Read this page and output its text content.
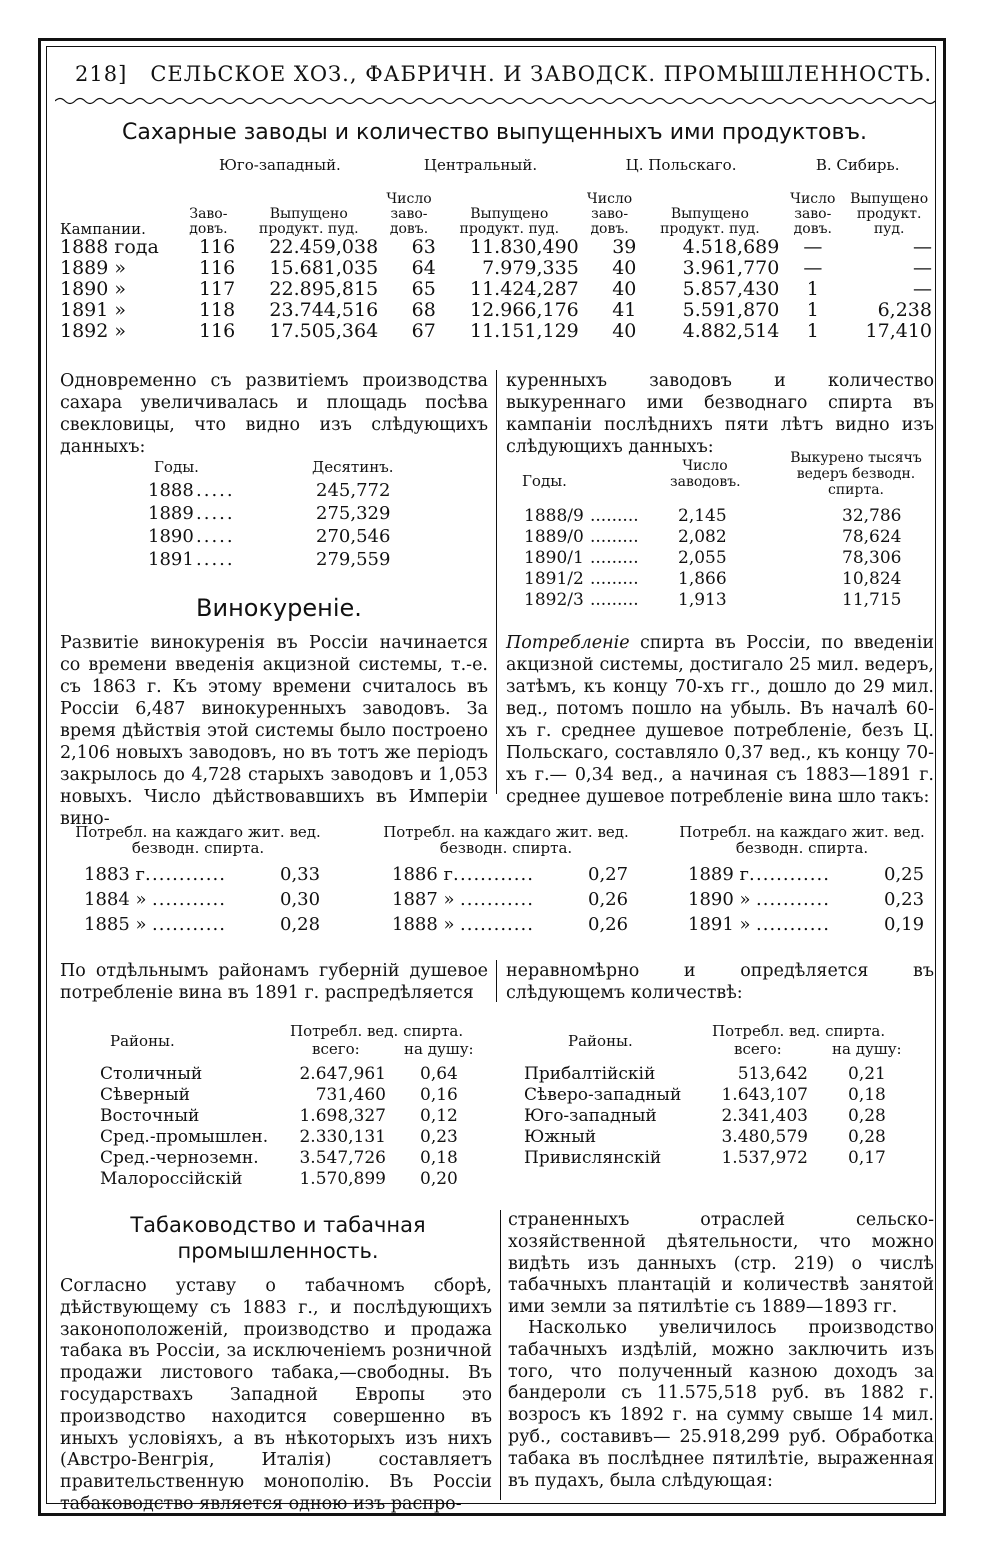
218] СЕЛЬСКОЕ ХОЗ., ФАБРИЧН. И ЗАВОДСК. ПРОМЫШЛЕННОСТЬ.
Сахарные заводы и количество выпущенныхъ ими продуктовъ.
	Юго-западный.		Центральный.		Ц. Польскаго.		В. Сибирь.	
Кампании.	Заво-
довъ.	Выпущено
продукт. пуд.	Число
заво-
довъ.	Выпущено
продукт. пуд.	Число
заво-
довъ.	Выпущено
продукт. пуд.	Число
заво-
довъ.	Выпущено
продукт.
пуд.
1888 года	116	22.459,038	63	11.830,490	39	4.518,689	—	—
1889 »	116	15.681,035	64	7.979,335	40	3.961,770	—	—
1890 »	117	22.895,815	65	11.424,287	40	5.857,430	1	—
1891 »	118	23.744,516	68	12.966,176	41	5.591,870	1	6,238
1892 »	116	17.505,364	67	11.151,129	40	4.882,514	1	17,410
Одновременно съ развитіемъ производства сахара увеличивалась и площадь посѣва свекловицы, что видно изъ слѣдующихъ данныхъ:
куренныхъ заводовъ и количество выкуреннаго ими безводнаго спирта въ кампаніи послѣднихъ пяти лѣтъ видно изъ слѣдующихъ данныхъ:
Годы.	Десятинъ.
1888 .....	245,772
1889 .....	275,329
1890 .....	270,546
1891 .....	279,559
Годы.
Число
заводовъ.
Выкурено тысячъ
ведеръ безводн.
спирта.
1888/9 ......... 2,145	32,786
1889/0 ......... 2,082	78,624
1890/1 ......... 2,055	78,306
1891/2 ......... 1,866	10,824
1892/3 ......... 1,913	11,715
Винокуреніе.
Развитіе винокуренія въ Россіи начинается со времени введенія акцизной системы, т.-е. съ 1863 г. Къ этому времени считалось въ Россіи 6,487 винокуренныхъ заводовъ. За время дѣйствія этой системы было построено 2,106 новыхъ заводовъ, но въ тотъ же періодъ закрылось до 4,728 старыхъ заводовъ и 1,053 новыхъ. Число дѣйствовавшихъ въ Имперіи вино-
Потребленіе спирта въ Россіи, по введеніи акцизной системы, достигало 25 мил. ведеръ, затѣмъ, къ концу 70-хъ гг., дошло до 29 мил. вед., потомъ пошло на убыль. Въ началѣ 60-хъ г. среднее душевое потребленіе, безъ Ц. Польскаго, составляло 0,37 вед., къ концу 70-хъ г.— 0,34 вед., а начиная съ 1883—1891 г. среднее душевое потребленіе вина шло такъ:
Потребл. на каждаго жит. вед.
безводн. спирта.
1883 г. ...........	0,33
1884 » ...........	0,30
1885 » ...........	0,28
Потребл. на каждаго жит. вед.
безводн. спирта.
1886 г. ...........	0,27
1887 » ...........	0,26
1888 » ...........	0,26
Потребл. на каждаго жит. вед.
безводн. спирта.
1889 г. ...........	0,25
1890 » ...........	0,23
1891 » ...........	0,19
По отдѣльнымъ районамъ губерній душевое потребленіе вина въ 1891 г. распредѣляется
неравномѣрно и опредѣляется въ слѣдующемъ количествѣ:
Районы.
Потребл. вед. спирта.
всего:	на душу:
Столичный	2.647,961 0,64
Сѣверный	731,460 0,16
Восточный	1.698,327 0,12
Сред.-промышлен.	2.330,131 0,23
Сред.-черноземн.	3.547,726 0,18
Малороссійскій	1.570,899 0,20
Районы.
Потребл. вед. спирта.
всего:	на душу:
Прибалтійскій	513,642 0,21
Сѣверо-западный	1.643,107 0,18
Юго-западный	2.341,403 0,28
Южный	3.480,579 0,28
Привислянскій	1.537,972 0,17
Табаководство и табачная промышленность.
Согласно уставу о табачномъ сборѣ, дѣйствующему съ 1883 г., и послѣдующихъ законоположеній, производство и продажа табака въ Россіи, за исключеніемъ розничной продажи листового табака,—свободны. Въ государствахъ Западной Европы это производство находится совершенно въ иныхъ условіяхъ, а въ нѣкоторыхъ изъ нихъ (Австро-Венгрія, Италія) составляетъ правительственную монополію. Въ Россіи табаководство является одною изъ распро-
страненныхъ отраслей сельско-хозяйственной дѣятельности, что можно видѣть изъ данныхъ (стр. 219) о числѣ табачныхъ плантацій и количествѣ занятой ими земли за пятилѣтіе съ 1889—1893 гг.
Насколько увеличилось производство табачныхъ издѣлій, можно заключить изъ того, что полученный казною доходъ за бандероли съ 11.575,518 руб. въ 1882 г. возросъ къ 1892 г. на сумму свыше 14 мил. руб., составивъ— 25.918,299 руб. Обработка табака въ послѣднее пятилѣтіе, выраженная въ пудахъ, была слѣдующая:
